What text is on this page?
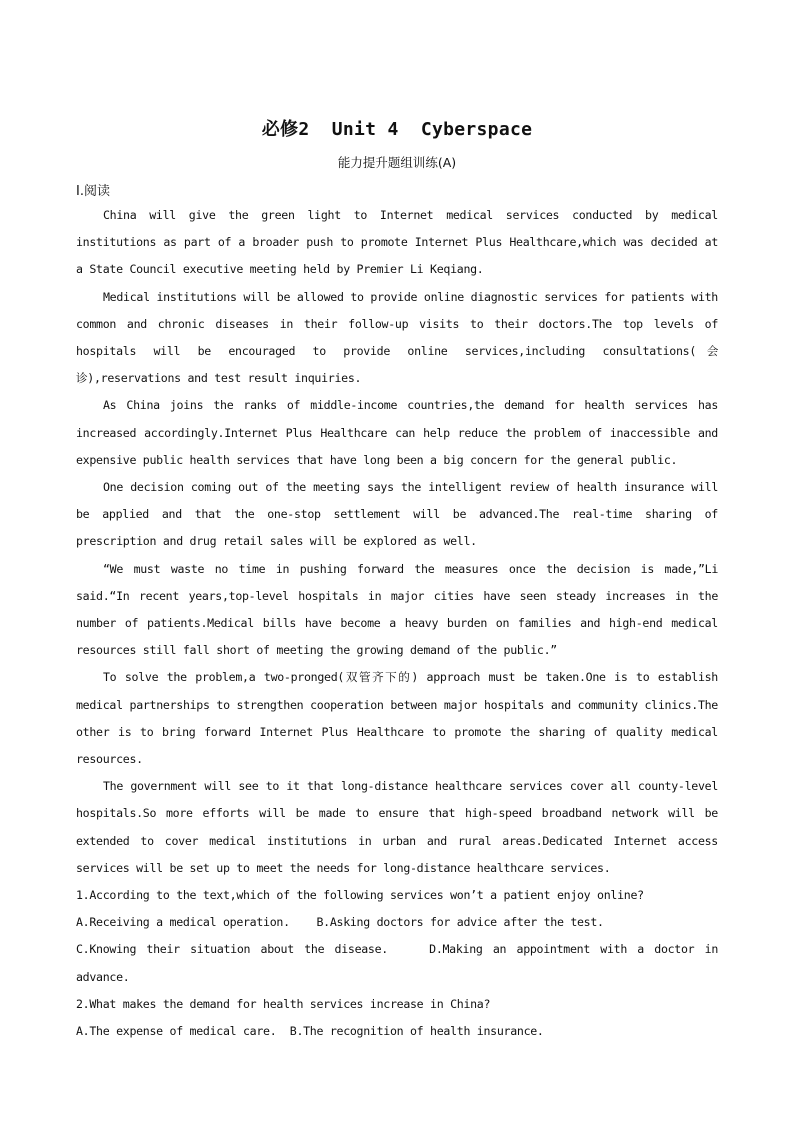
必修2  Unit 4  Cyberspace
能力提升题组训练(A)
Ⅰ.阅读

China will give the green light to Internet medical services conducted by medical institutions as part of a broader push to promote Internet Plus Healthcare,which was decided at a State Council executive meeting held by Premier Li Keqiang.

Medical institutions will be allowed to provide online diagnostic services for patients with common and chronic diseases in their follow-up visits to their doctors.The top levels of hospitals will be encouraged to provide online services,including consultations(会诊),reservations and test result inquiries.

As China joins the ranks of middle-income countries,the demand for health services has increased accordingly.Internet Plus Healthcare can help reduce the problem of inaccessible and expensive public health services that have long been a big concern for the general public.

One decision coming out of the meeting says the intelligent review of health insurance will be applied and that the one-stop settlement will be advanced.The real-time sharing of prescription and drug retail sales will be explored as well.

“We must waste no time in pushing forward the measures once the decision is made,”Li said.“In recent years,top-level hospitals in major cities have seen steady increases in the number of patients.Medical bills have become a heavy burden on families and high-end medical resources still fall short of meeting the growing demand of the public.”

To solve the problem,a two-pronged(双管齐下的) approach must be taken.One is to establish medical partnerships to strengthen cooperation between major hospitals and community clinics.The other is to bring forward Internet Plus Healthcare to promote the sharing of quality medical resources.

The government will see to it that long-distance healthcare services cover all county-level hospitals.So more efforts will be made to ensure that high-speed broadband network will be extended to cover medical institutions in urban and rural areas.Dedicated Internet access services will be set up to meet the needs for long-distance healthcare services.

1.According to the text,which of the following services won’t a patient enjoy online?

A.Receiving a medical operation.    B.Asking doctors for advice after the test.

C.Knowing their situation about the disease.    D.Making an appointment with a doctor in advance.

2.What makes the demand for health services increase in China?

A.The expense of medical care.  B.The recognition of health insurance.
